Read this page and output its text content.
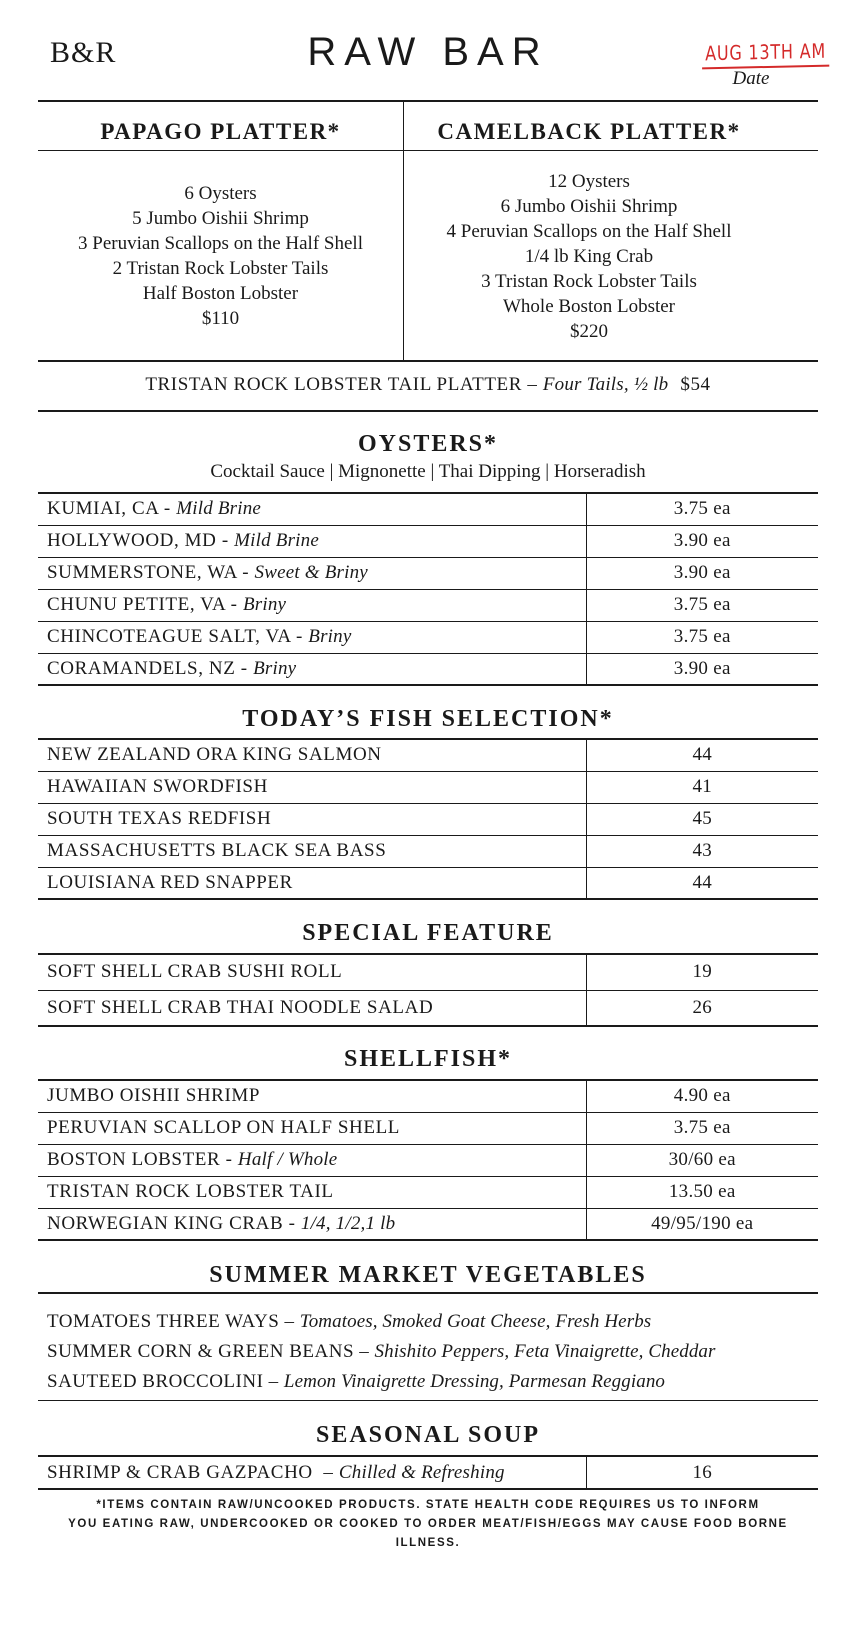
B&R	RAW BAR	AUG 13TH AM
Date
PAPAGO PLATTER*	CAMELBACK PLATTER*
6 Oysters
5 Jumbo Oishii Shrimp
3 Peruvian Scallops on the Half Shell
2 Tristan Rock Lobster Tails
Half Boston Lobster
$110
12 Oysters
6 Jumbo Oishii Shrimp
4 Peruvian Scallops on the Half Shell
1/4 lb King Crab
3 Tristan Rock Lobster Tails
Whole Boston Lobster
$220
TRISTAN ROCK LOBSTER TAIL PLATTER – Four Tails, ½ lb $54
OYSTERS*
Cocktail Sauce | Mignonette | Thai Dipping | Horseradish
KUMIAI, CA - Mild Brine	3.75 ea
HOLLYWOOD, MD - Mild Brine	3.90 ea
SUMMERSTONE, WA - Sweet & Briny	3.90 ea
CHUNU PETITE, VA - Briny	3.75 ea
CHINCOTEAGUE SALT, VA - Briny	3.75 ea
CORAMANDELS, NZ - Briny	3.90 ea
TODAY’S FISH SELECTION*
NEW ZEALAND ORA KING SALMON	44
HAWAIIAN SWORDFISH	41
SOUTH TEXAS REDFISH	45
MASSACHUSETTS BLACK SEA BASS	43
LOUISIANA RED SNAPPER	44
SPECIAL FEATURE
SOFT SHELL CRAB SUSHI ROLL	19
SOFT SHELL CRAB THAI NOODLE SALAD	26
SHELLFISH*
JUMBO OISHII SHRIMP	4.90 ea
PERUVIAN SCALLOP ON HALF SHELL	3.75 ea
BOSTON LOBSTER - Half / Whole	30/60 ea
TRISTAN ROCK LOBSTER TAIL	13.50 ea
NORWEGIAN KING CRAB - 1/4, 1/2,1 lb	49/95/190 ea
SUMMER MARKET VEGETABLES
TOMATOES THREE WAYS – Tomatoes, Smoked Goat Cheese, Fresh Herbs
SUMMER CORN & GREEN BEANS – Shishito Peppers, Feta Vinaigrette, Cheddar
SAUTEED BROCCOLINI – Lemon Vinaigrette Dressing, Parmesan Reggiano
SEASONAL SOUP
SHRIMP & CRAB GAZPACHO  – Chilled & Refreshing	16
*ITEMS CONTAIN RAW/UNCOOKED PRODUCTS. STATE HEALTH CODE REQUIRES US TO INFORM
YOU EATING RAW, UNDERCOOKED OR COOKED TO ORDER MEAT/FISH/EGGS MAY CAUSE FOOD BORNE ILLNESS.
